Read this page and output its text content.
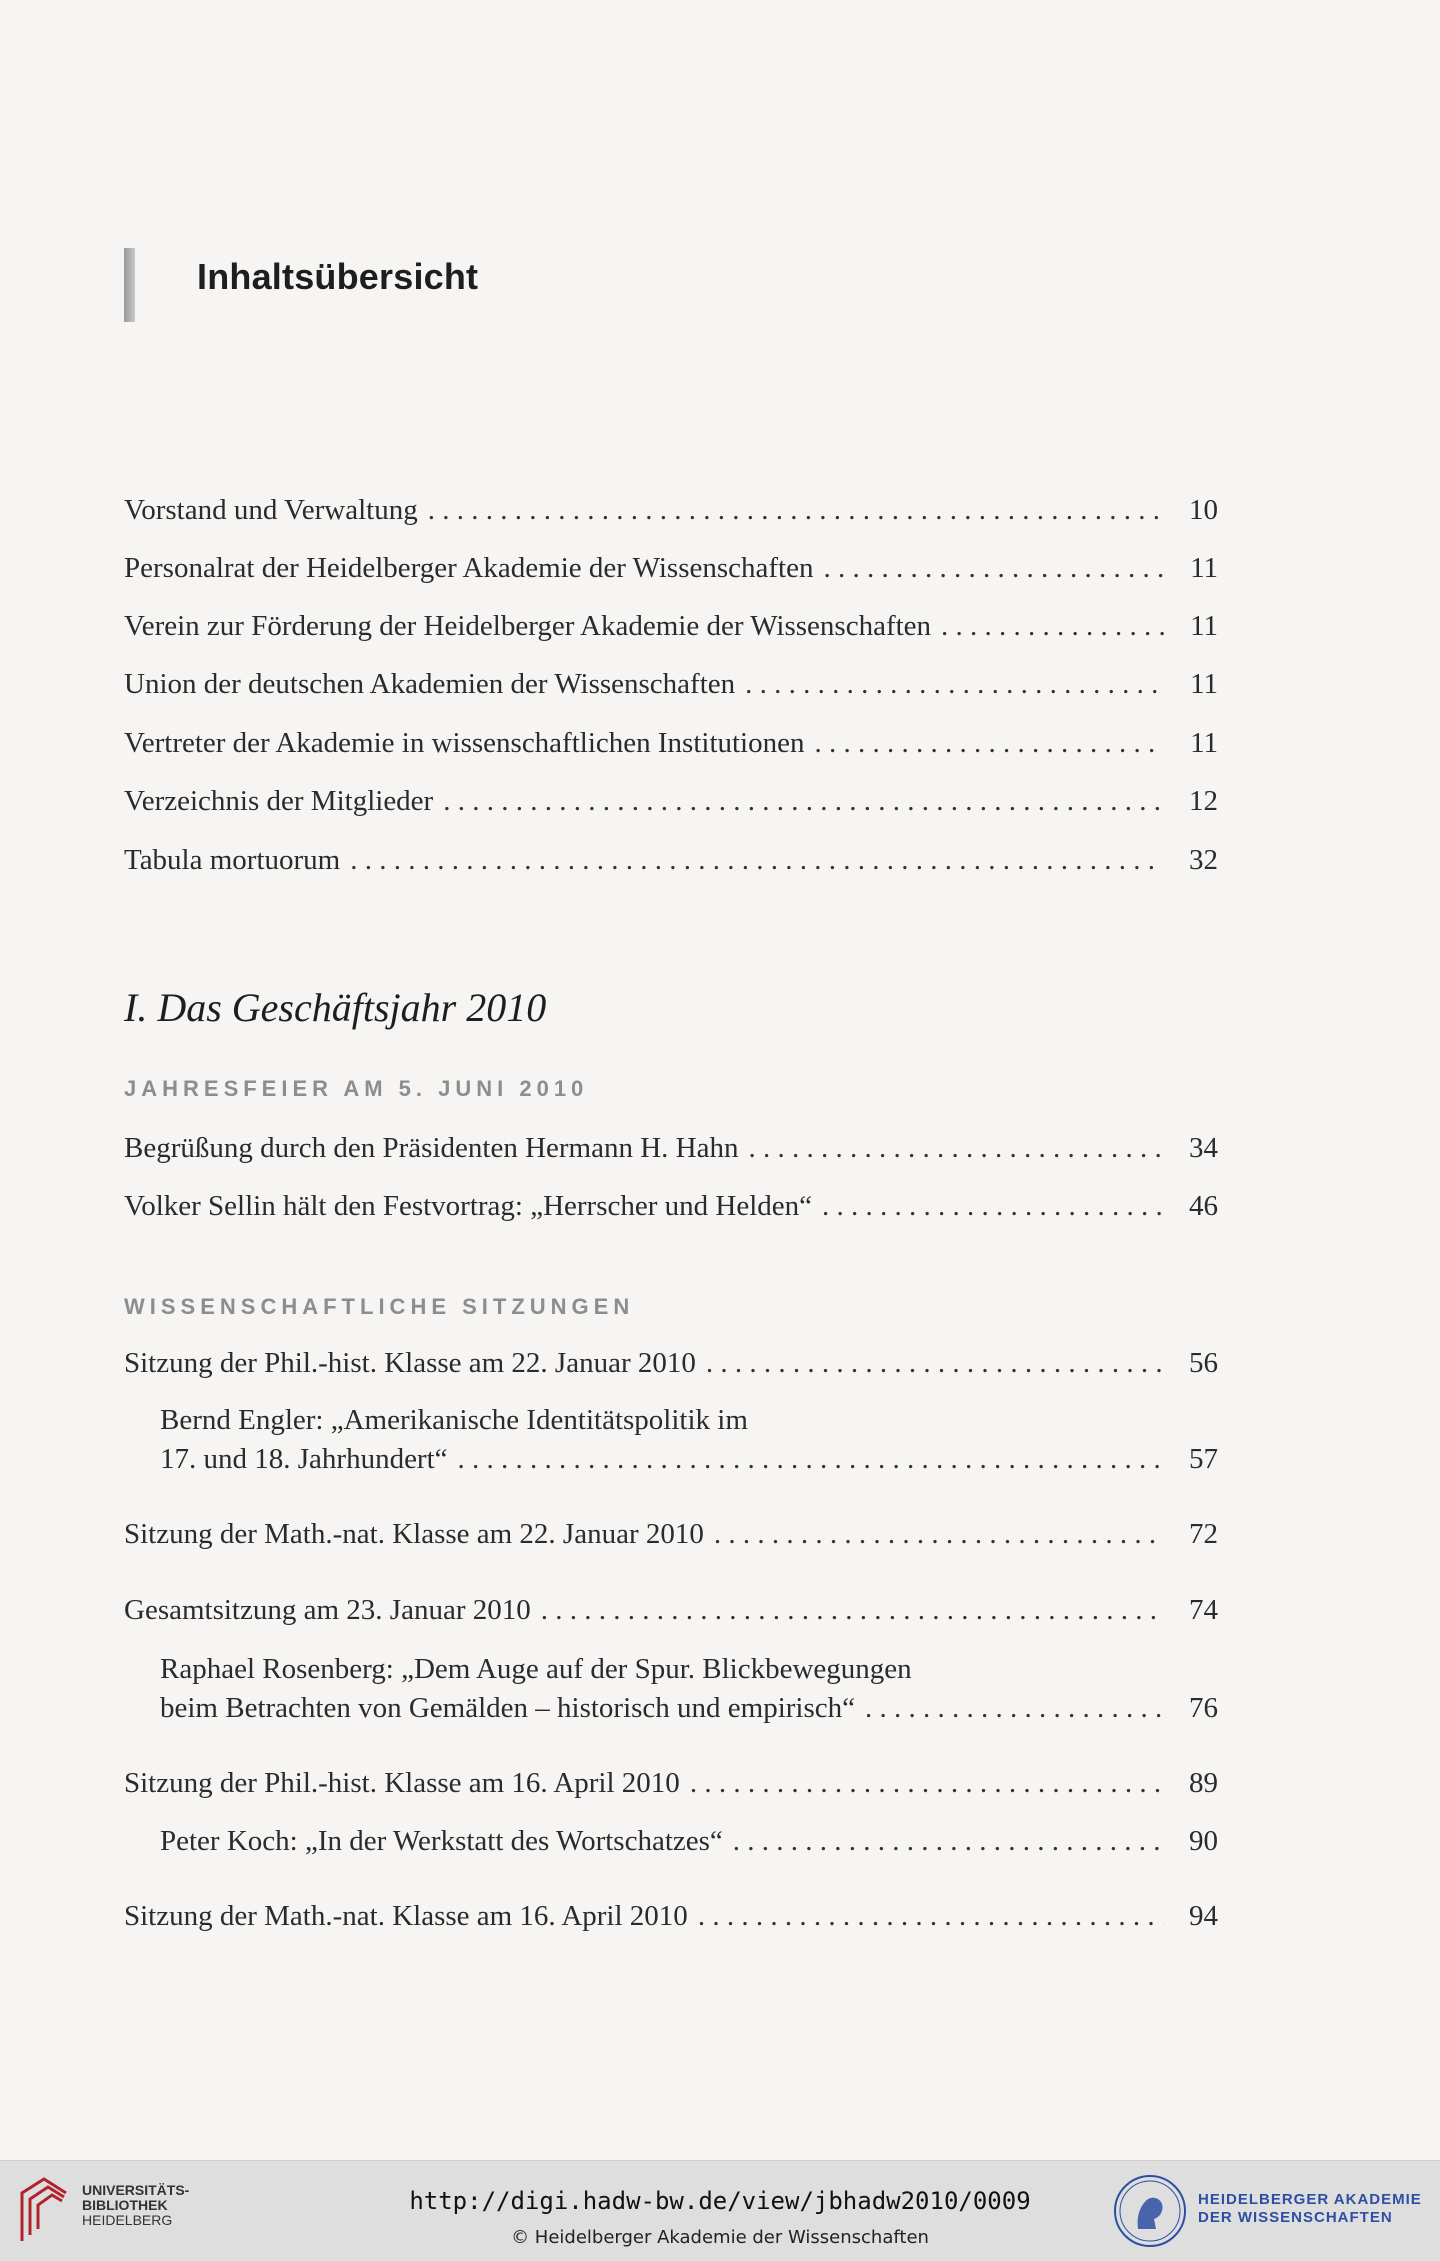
Inhaltsübersicht
Vorstand und Verwaltung . . .	10
Personalrat der Heidelberger Akademie der Wissenschaften . . .	11
Verein zur Förderung der Heidelberger Akademie der Wissenschaften . . .	11
Union der deutschen Akademien der Wissenschaften . . .	11
Vertreter der Akademie in wissenschaftlichen Institutionen . . .	11
Verzeichnis der Mitglieder . . .	12
Tabula mortuorum . . .	32
I. Das Geschäftsjahr 2010
JAHRESFEIER AM 5. JUNI 2010
Begrüßung durch den Präsidenten Hermann H. Hahn . . .	34
Volker Sellin hält den Festvortrag: „Herrscher und Helden“ . . .	46
WISSENSCHAFTLICHE SITZUNGEN
Sitzung der Phil.-hist. Klasse am 22. Januar 2010 . . .	56
Bernd Engler: „Amerikanische Identitätspolitik im
17. und 18. Jahrhundert“ . . .	57
Sitzung der Math.-nat. Klasse am 22. Januar 2010 . . .	72
Gesamtsitzung am 23. Januar 2010 . . .	74
Raphael Rosenberg: „Dem Auge auf der Spur. Blickbewegungen
beim Betrachten von Gemälden – historisch und empirisch“ . . .	76
Sitzung der Phil.-hist. Klasse am 16. April 2010 . . .	89
Peter Koch: „In der Werkstatt des Wortschatzes“ . . .	90
Sitzung der Math.-nat. Klasse am 16. April 2010 . . .	94
UNIVERSITÄTS-
BIBLIOTHEK
HEIDELBERG
http://digi.hadw-bw.de/view/jbhadw2010/0009
© Heidelberger Akademie der Wissenschaften
HEIDELBERGER AKADEMIE
DER WISSENSCHAFTEN
